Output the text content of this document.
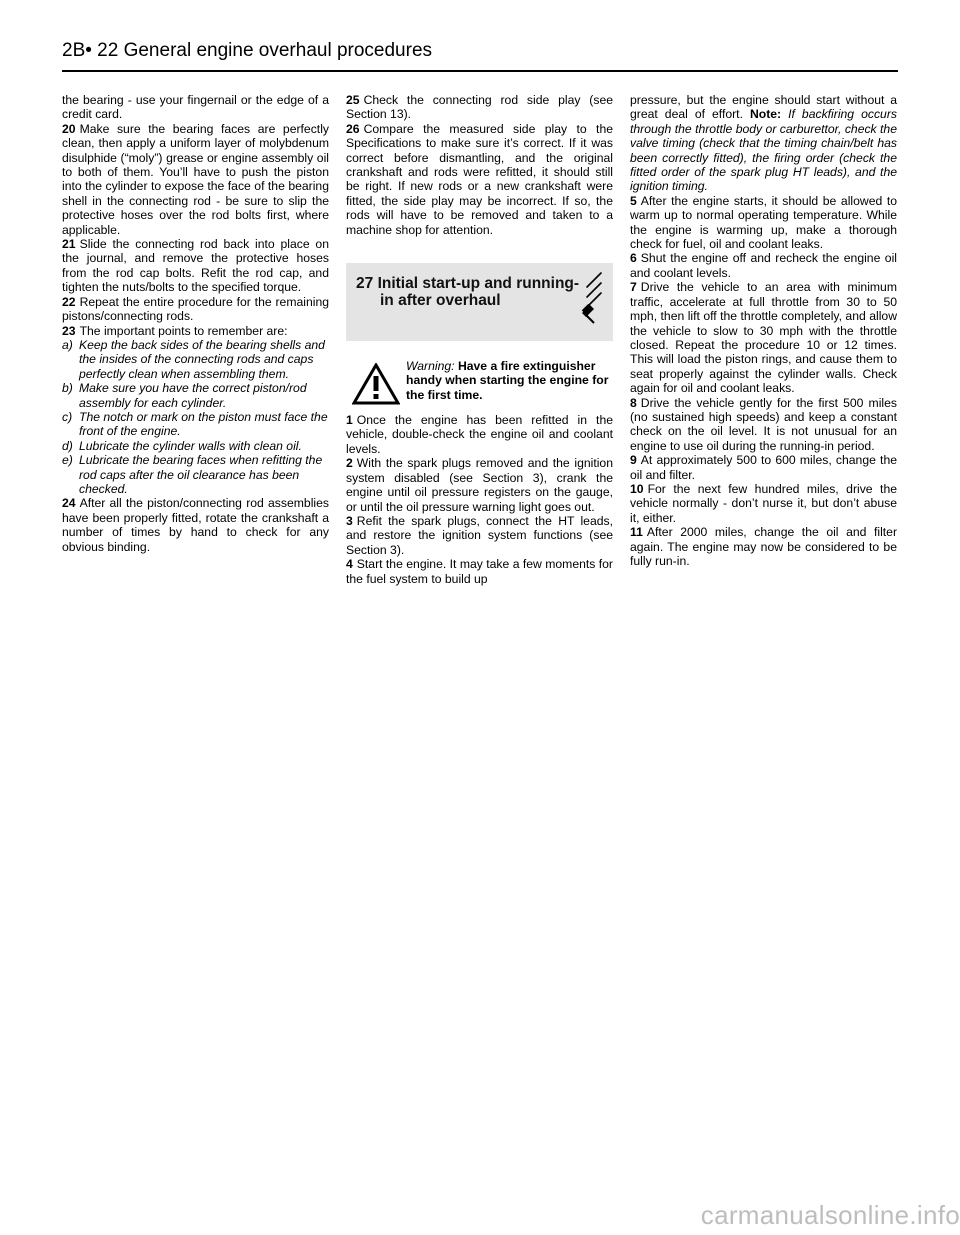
2B• 22 General engine overhaul procedures

the bearing - use your fingernail or the edge of a credit card.

20 Make sure the bearing faces are perfectly clean, then apply a uniform layer of molybdenum disulphide (“moly”) grease or engine assembly oil to both of them. You’ll have to push the piston into the cylinder to expose the face of the bearing shell in the connecting rod - be sure to slip the protective hoses over the rod bolts first, where applicable.

21 Slide the connecting rod back into place on the journal, and remove the protective hoses from the rod cap bolts. Refit the rod cap, and tighten the nuts/bolts to the specified torque.

22 Repeat the entire procedure for the remaining pistons/connecting rods.

23 The important points to remember are:

a) Keep the back sides of the bearing shells and the insides of the connecting rods and caps perfectly clean when assembling them.

b) Make sure you have the correct piston/rod assembly for each cylinder.

c) The notch or mark on the piston must face the front of the engine.

d) Lubricate the cylinder walls with clean oil.

e) Lubricate the bearing faces when refitting the rod caps after the oil clearance has been checked.

24 After all the piston/connecting rod assemblies have been properly fitted, rotate the crankshaft a number of times by hand to check for any obvious binding.

25 Check the connecting rod side play (see Section 13).

26 Compare the measured side play to the Specifications to make sure it’s correct. If it was correct before dismantling, and the original crankshaft and rods were refitted, it should still be right. If new rods or a new crankshaft were fitted, the side play may be incorrect. If so, the rods will have to be removed and taken to a machine shop for attention.

27 Initial start-up and running-
in after overhaul
Warning: Have a fire extinguisher handy when starting the engine for the first time.

1 Once the engine has been refitted in the vehicle, double-check the engine oil and coolant levels.

2 With the spark plugs removed and the ignition system disabled (see Section 3), crank the engine until oil pressure registers on the gauge, or until the oil pressure warning light goes out.

3 Refit the spark plugs, connect the HT leads, and restore the ignition system functions (see Section 3).

4 Start the engine. It may take a few moments for the fuel system to build up

pressure, but the engine should start without a great deal of effort. Note: If backfiring occurs through the throttle body or carburettor, check the valve timing (check that the timing chain/belt has been correctly fitted), the firing order (check the fitted order of the spark plug HT leads), and the ignition timing.

5 After the engine starts, it should be allowed to warm up to normal operating temperature. While the engine is warming up, make a thorough check for fuel, oil and coolant leaks.

6 Shut the engine off and recheck the engine oil and coolant levels.

7 Drive the vehicle to an area with minimum traffic, accelerate at full throttle from 30 to 50 mph, then lift off the throttle completely, and allow the vehicle to slow to 30 mph with the throttle closed. Repeat the procedure 10 or 12 times. This will load the piston rings, and cause them to seat properly against the cylinder walls. Check again for oil and coolant leaks.

8 Drive the vehicle gently for the first 500 miles (no sustained high speeds) and keep a constant check on the oil level. It is not unusual for an engine to use oil during the running-in period.

9 At approximately 500 to 600 miles, change the oil and filter.

10 For the next few hundred miles, drive the vehicle normally - don’t nurse it, but don’t abuse it, either.

11 After 2000 miles, change the oil and filter again. The engine may now be considered to be fully run-in.

carmanualsonline.info
